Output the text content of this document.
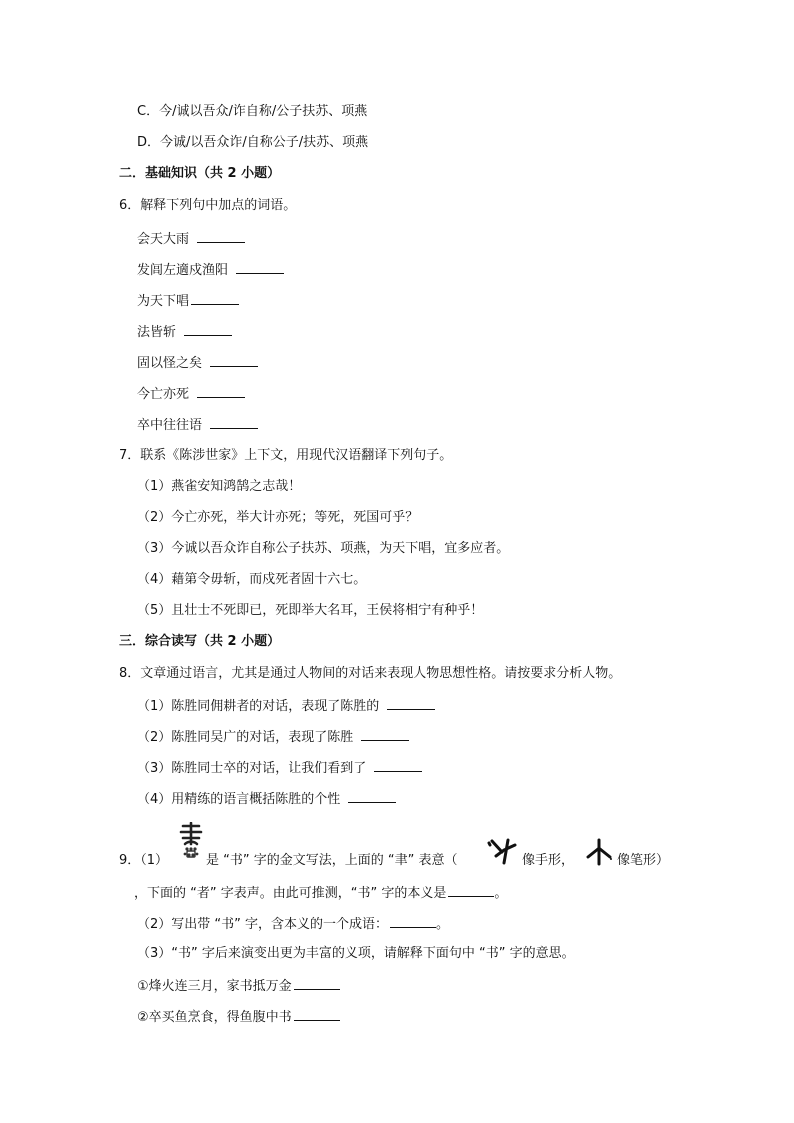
C．今/诚以吾众/诈自称/公子扶苏、项燕
D．今诚/以吾众诈/自称公子/扶苏、项燕
二．基础知识（共 2 小题）
6．解释下列句中加点的词语。
会天大雨
发闾左適戍渔阳
为天下唱
法皆斩
固以怪之矣
今亡亦死
卒中往往语
7．联系《陈涉世家》上下文，用现代汉语翻译下列句子。
（1）燕雀安知鸿鹄之志哉！
（2）今亡亦死，举大计亦死；等死，死国可乎？
（3）今诚以吾众诈自称公子扶苏、项燕，为天下唱，宜多应者。
（4）藉第令毋斩，而戍死者固十六七。
（5）且壮士不死即已，死即举大名耳，王侯将相宁有种乎！
三．综合读写（共 2 小题）
8．文章通过语言，尤其是通过人物间的对话来表现人物思想性格。请按要求分析人物。
（1）陈胜同佣耕者的对话，表现了陈胜的
（2）陈胜同吴广的对话，表现了陈胜
（3）陈胜同士卒的对话，让我们看到了
（4）用精练的语言概括陈胜的个性
9．（1）	是 “书” 字的金文写法，上面的 “聿” 表意（	像手形，	像笔形）
，下面的 “者” 字表声。由此可推测，“书” 字的本义是	。
（2）写出带 “书” 字，含本义的一个成语：	。
（3）“书” 字后来演变出更为丰富的义项，请解释下面句中 “书” 字的意思。
①烽火连三月，家书抵万金
②卒买鱼烹食，得鱼腹中书
